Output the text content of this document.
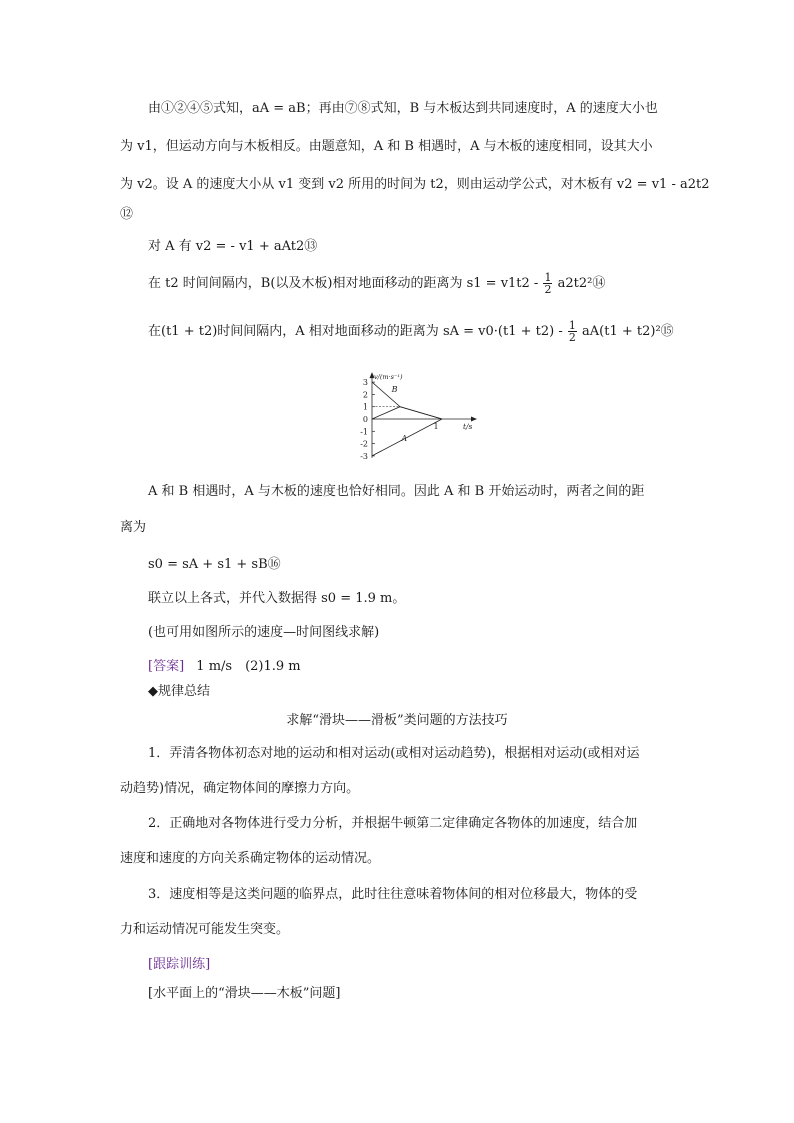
由①②④⑤式知，aA = aB；再由⑦⑧式知，B 与木板达到共同速度时，A 的速度大小也
为 v1，但运动方向与木板相反。由题意知，A 和 B 相遇时，A 与木板的速度相同，设其大小
为 v2。设 A 的速度大小从 v1 变到 v2 所用的时间为 t2，则由运动学公式，对木板有 v2 = v1 - a2t2
⑫
对 A 有 v2 = - v1 + aAt2⑬
在 t2 时间间隔内，B(以及木板)相对地面移动的距离为 $s1 = v1t2 - \frac{1}{2}$ a2t2²⑭
在(t1 + t2)时间间隔内，A 相对地面移动的距离为 sA = $v0\cdot(t1 + t2) - \frac{1}{2} aA(t1$ + t2)²⑮
3
2
1
0
-1
-2
-3
1
v/(m·s⁻¹)
t/s
B
A
A 和 B 相遇时，A 与木板的速度也恰好相同。因此 A 和 B 开始运动时，两者之间的距
离为
s0 = sA + s1 + sB⑯
联立以上各式，并代入数据得 s0 = 1.9 m。
(也可用如图所示的速度—时间图线求解)
[答案] 1 m/s　(2)1.9 m
◆规律总结
求解“滑块——滑板”类问题的方法技巧
1．弄清各物体初态对地的运动和相对运动(或相对运动趋势)，根据相对运动(或相对运
动趋势)情况，确定物体间的摩擦力方向。
2．正确地对各物体进行受力分析，并根据牛顿第二定律确定各物体的加速度，结合加
速度和速度的方向关系确定物体的运动情况。
3．速度相等是这类问题的临界点，此时往往意味着物体间的相对位移最大，物体的受
力和运动情况可能发生突变。
[跟踪训练]
[水平面上的“滑块——木板”问题]
